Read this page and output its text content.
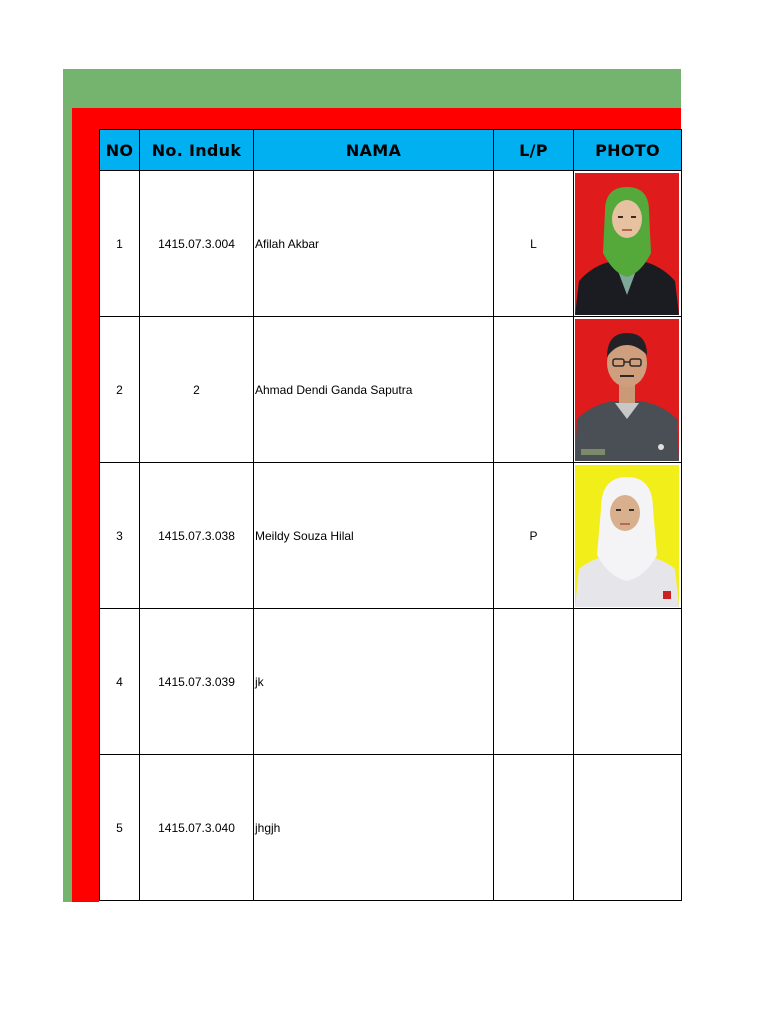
NO	No. Induk	NAMA	L/P	PHOTO
1	1415.07.3.004	Afilah Akbar	L	

2	2	Ahmad Dendi Ganda Saputra		

3	1415.07.3.038	Meildy Souza Hilal	P	

4	1415.07.3.039	jk		
5	1415.07.3.040	jhgjh		
